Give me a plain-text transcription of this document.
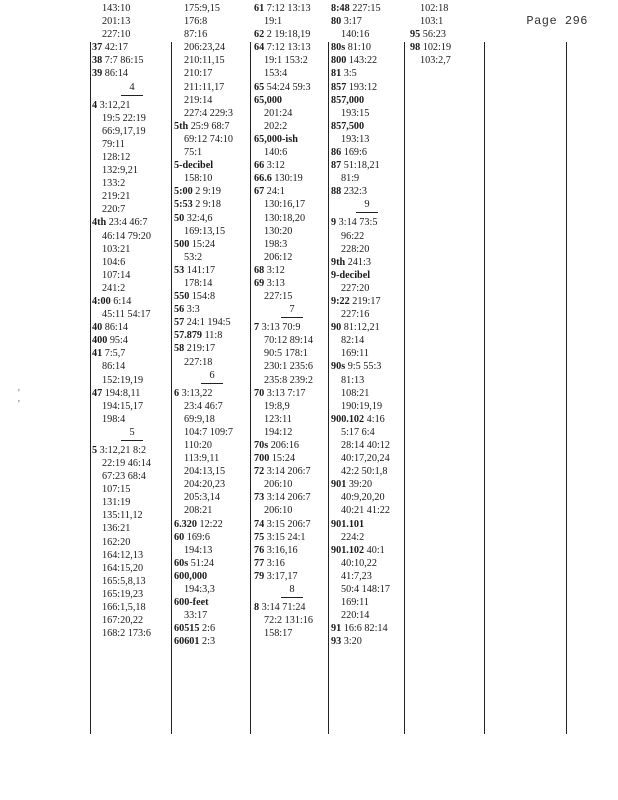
Page 296
'
'
143:10
201:13
227:10
37 42:17
38 7:7 86:15
39 86:14
4
4 3:12,21
19:5 22:19
66:9,17,19
79:11
128:12
132:9,21
133:2
219:21
220:7
4th 23:4 46:7
46:14 79:20
103:21
104:6
107:14
241:2
4:00 6:14
45:11 54:17
40 86:14
400 95:4
41 7:5,7
86:14
152:19,19
47 194:8,11
194:15,17
198:4
5
5 3:12,21 8:2
22:19 46:14
67:23 68:4
107:15
131:19
135:11,12
136:21
162:20
164:12,13
164:15,20
165:5,8,13
165:19,23
166:1,5,18
167:20,22
168:2 173:6
175:9,15
176:8
87:16
206:23,24
210:11,15
210:17
211:11,17
219:14
227:4 229:3
5th 25:9 68:7
69:12 74:10
75:1
5-decibel
158:10
5:00 2 9:19
5:53 2 9:18
50 32:4,6
169:13,15
500 15:24
53:2
53 141:17
178:14
550 154:8
56 3:3
57 24:1 194:5
57.879 11:8
58 219:17
227:18
6
6 3:13,22
23:4 46:7
69:9,18
104:7 109:7
110:20
113:9,11
204:13,15
204:20,23
205:3,14
208:21
6.320 12:22
60 169:6
194:13
60s 51:24
600,000
194:3,3
600-feet
33:17
60515 2:6
60601 2:3
61 7:12 13:13
19:1
62 2 19:18,19
64 7:12 13:13
19:1 153:2
153:4
65 54:24 59:3
65,000
201:24
202:2
65,000-ish
140:6
66 3:12
66.6 130:19
67 24:1
130:16,17
130:18,20
130:20
198:3
206:12
68 3:12
69 3:13
227:15
7
7 3:13 70:9
70:12 89:14
90:5 178:1
230:1 235:6
235:8 239:2
70 3:13 7:17
19:8,9
123:11
194:12
70s 206:16
700 15:24
72 3:14 206:7
206:10
73 3:14 206:7
206:10
74 3:15 206:7
75 3:15 24:1
76 3:16,16
77 3:16
79 3:17,17
8
8 3:14 71:24
72:2 131:16
158:17
8:48 227:15
80 3:17
140:16
80s 81:10
800 143:22
81 3:5
857 193:12
857,000
193:15
857,500
193:13
86 169:6
87 51:18,21
81:9
88 232:3
9
9 3:14 73:5
96:22
228:20
9th 241:3
9-decibel
227:20
9:22 219:17
227:16
90 81:12,21
82:14
169:11
90s 9:5 55:3
81:13
108:21
190:19,19
900.102 4:16
5:17 6:4
28:14 40:12
40:17,20,24
42:2 50:1,8
901 39:20
40:9,20,20
40:21 41:22
901.101
224:2
901.102 40:1
40:10,22
41:7,23
50:4 148:17
169:11
220:14
91 16:6 82:14
93 3:20
102:18
103:1
95 56:23
98 102:19
103:2,7
